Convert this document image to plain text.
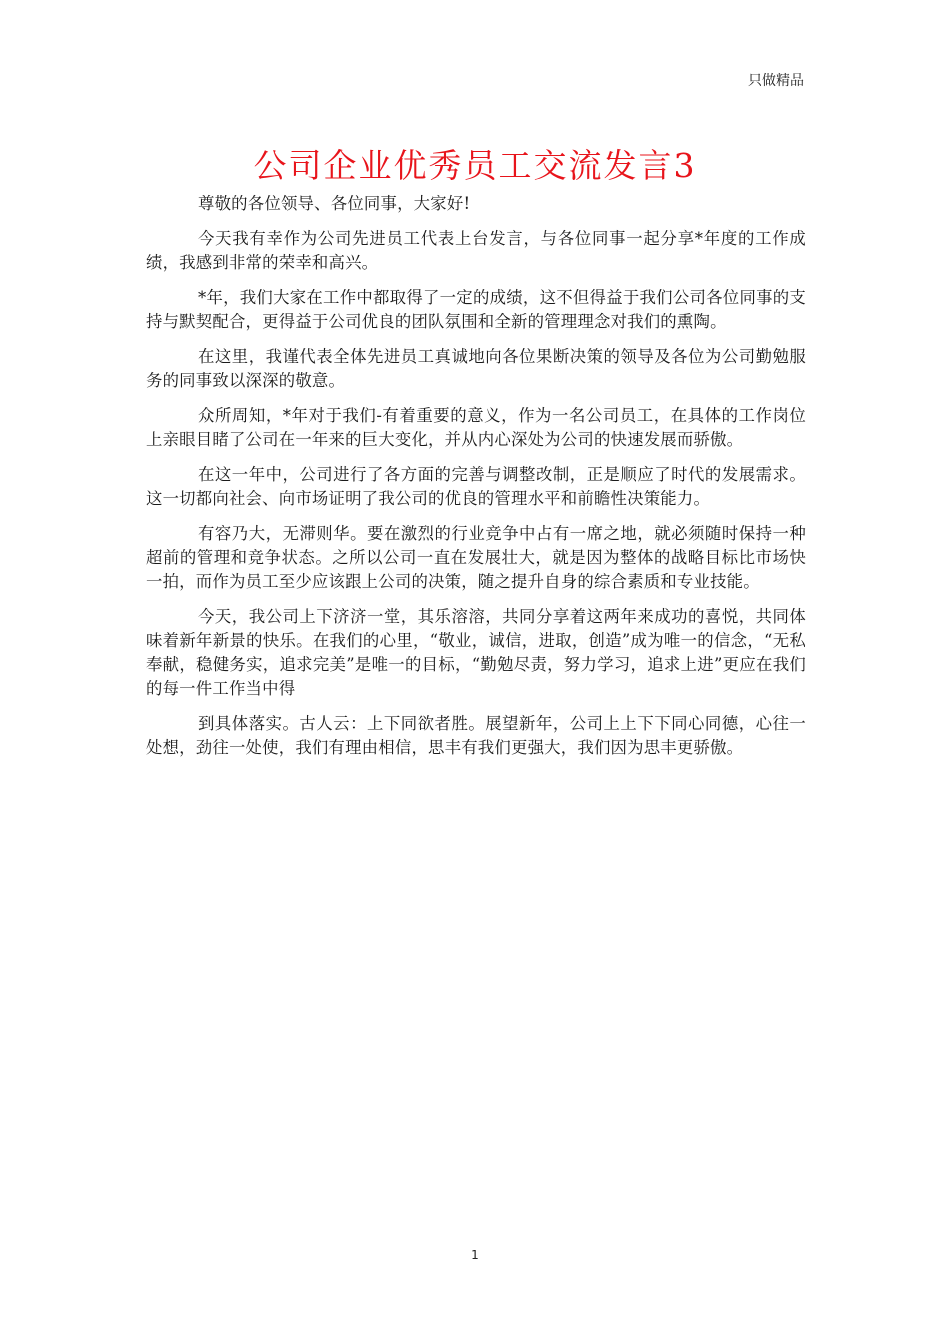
只做精品
公司企业优秀员工交流发言3

尊敬的各位领导、各位同事，大家好!

今天我有幸作为公司先进员工代表上台发言，与各位同事一起分享*年度的工作成绩，我感到非常的荣幸和高兴。

*年，我们大家在工作中都取得了一定的成绩，这不但得益于我们公司各位同事的支持与默契配合，更得益于公司优良的团队氛围和全新的管理理念对我们的熏陶。

在这里，我谨代表全体先进员工真诚地向各位果断决策的领导及各位为公司勤勉服务的同事致以深深的敬意。

众所周知，*年对于我们-有着重要的意义，作为一名公司员工，在具体的工作岗位上亲眼目睹了公司在一年来的巨大变化，并从内心深处为公司的快速发展而骄傲。

在这一年中，公司进行了各方面的完善与调整改制，正是顺应了时代的发展需求。这一切都向社会、向市场证明了我公司的优良的管理水平和前瞻性决策能力。

有容乃大，无滞则华。要在激烈的行业竞争中占有一席之地，就必须随时保持一种超前的管理和竞争状态。之所以公司一直在发展壮大，就是因为整体的战略目标比市场快一拍，而作为员工至少应该跟上公司的决策，随之提升自身的综合素质和专业技能。

今天，我公司上下济济一堂，其乐溶溶，共同分享着这两年来成功的喜悦，共同体味着新年新景的快乐。在我们的心里，“敬业，诚信，进取，创造”成为唯一的信念，“无私奉献，稳健务实，追求完美”是唯一的目标，“勤勉尽责，努力学习，追求上进”更应在我们的每一件工作当中得

到具体落实。古人云：上下同欲者胜。展望新年，公司上上下下同心同德，心往一处想，劲往一处使，我们有理由相信，思丰有我们更强大，我们因为思丰更骄傲。

1
